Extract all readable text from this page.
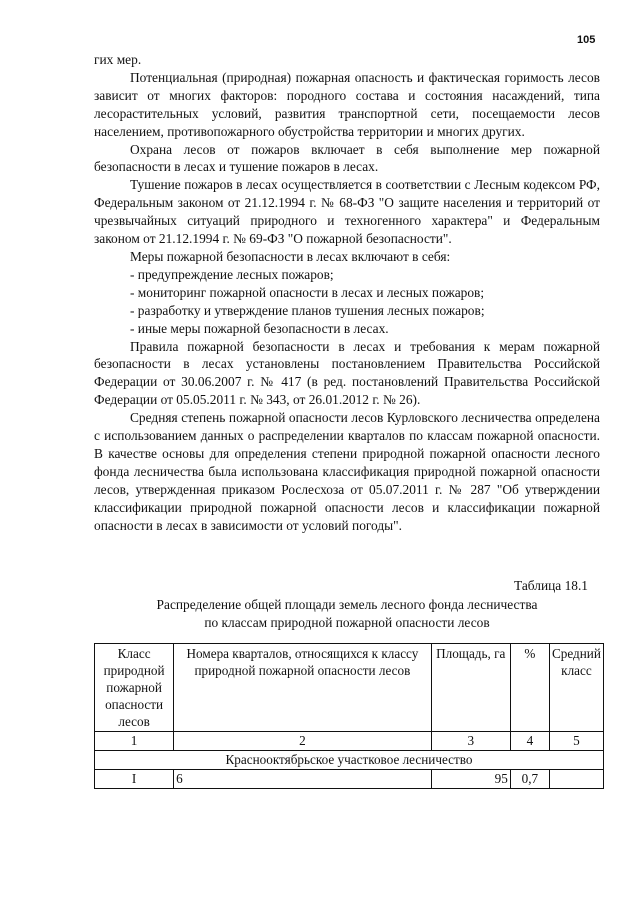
105

гих мер.

Потенциальная (природная) пожарная опасность и фактическая горимость лесов зависит от многих факторов: породного состава и состояния насаждений, типа лесорастительных условий, развития транспортной сети, посещаемости лесов населением, противопожарного обустройства территории и многих других.

Охрана лесов от пожаров включает в себя выполнение мер пожарной безопасности в лесах и тушение пожаров в лесах.

Тушение пожаров в лесах осуществляется в соответствии с Лесным кодексом РФ, Федеральным законом от 21.12.1994 г. № 68-ФЗ "О защите населения и территорий от чрезвычайных ситуаций природного и техногенного характера" и Федеральным законом от 21.12.1994 г. № 69-ФЗ "О пожарной безопасности".

Меры пожарной безопасности в лесах включают в себя:

- предупреждение лесных пожаров;
- мониторинг пожарной опасности в лесах и лесных пожаров;
- разработку и утверждение планов тушения лесных пожаров;
- иные меры пожарной безопасности в лесах.

Правила пожарной безопасности в лесах и требования к мерам пожарной безопасности в лесах установлены постановлением Правительства Российской Федерации от 30.06.2007 г. № 417 (в ред. постановлений Правительства Российской Федерации от 05.05.2011 г. № 343, от 26.01.2012 г. № 26).

Средняя степень пожарной опасности лесов Курловского лесничества определена с использованием данных о распределении кварталов по классам пожарной опасности. В качестве основы для определения степени природной пожарной опасности лесного фонда лесничества была использована классификация природной пожарной опасности лесов, утвержденная приказом Рослесхоза от 05.07.2011 г. № 287 "Об утверждении классификации природной пожарной опасности лесов и классификации пожарной опасности в лесах в зависимости от условий погоды".

Таблица 18.1
Распределение общей площади земель лесного фонда лесничества
по классам природной пожарной опасности лесов
Класс природной пожарной опасности лесов	Номера кварталов, относящихся к классу природной пожарной опасности лесов	Площадь, га	%	Средний класс
1	2	3	4	5
Краснооктябрьское участковое лесничество				
I	6	95	0,7	
